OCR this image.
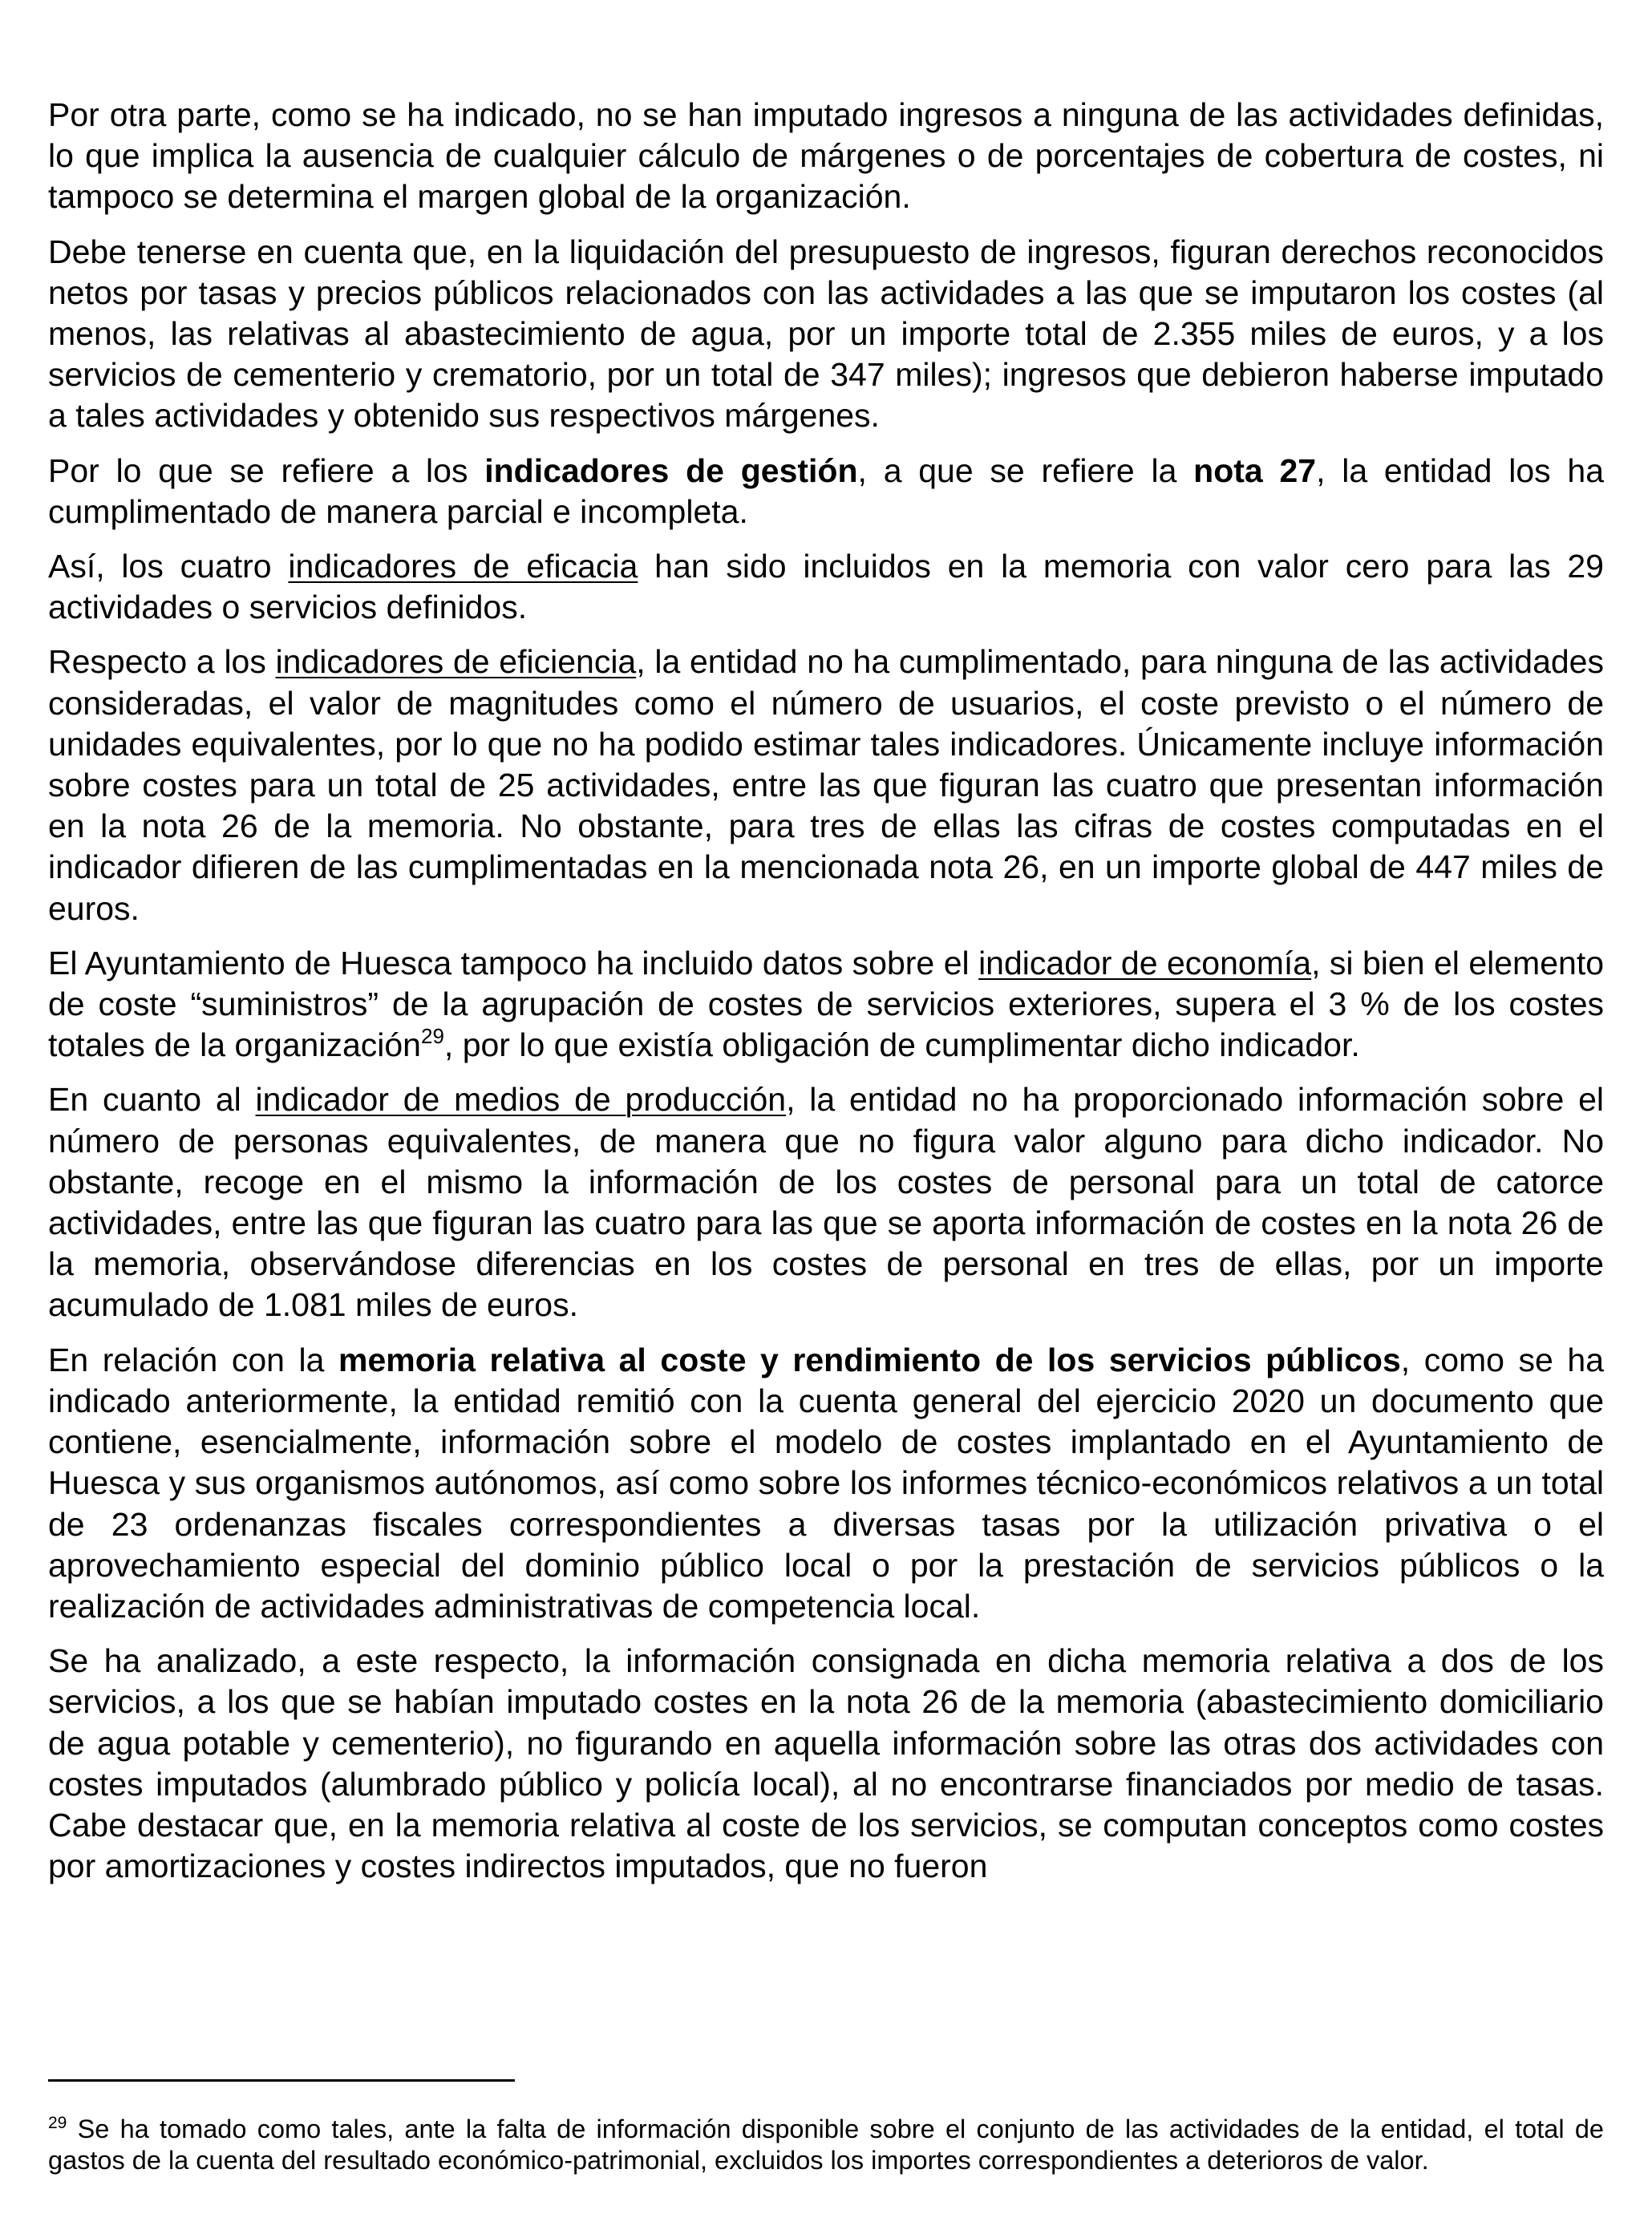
Por otra parte, como se ha indicado, no se han imputado ingresos a ninguna de las actividades definidas, lo que implica la ausencia de cualquier cálculo de márgenes o de porcentajes de cobertura de costes, ni tampoco se determina el margen global de la organización.

Debe tenerse en cuenta que, en la liquidación del presupuesto de ingresos, figuran derechos reconocidos netos por tasas y precios públicos relacionados con las actividades a las que se imputaron los costes (al menos, las relativas al abastecimiento de agua, por un importe total de 2.355 miles de euros, y a los servicios de cementerio y crematorio, por un total de 347 miles); ingresos que debieron haberse imputado a tales actividades y obtenido sus respectivos márgenes.

Por lo que se refiere a los indicadores de gestión, a que se refiere la nota 27, la entidad los ha cumplimentado de manera parcial e incompleta.

Así, los cuatro indicadores de eficacia han sido incluidos en la memoria con valor cero para las 29 actividades o servicios definidos.

Respecto a los indicadores de eficiencia, la entidad no ha cumplimentado, para ninguna de las actividades consideradas, el valor de magnitudes como el número de usuarios, el coste previsto o el número de unidades equivalentes, por lo que no ha podido estimar tales indicadores. Únicamente incluye información sobre costes para un total de 25 actividades, entre las que figuran las cuatro que presentan información en la nota 26 de la memoria. No obstante, para tres de ellas las cifras de costes computadas en el indicador difieren de las cumplimentadas en la mencionada nota 26, en un importe global de 447 miles de euros.

El Ayuntamiento de Huesca tampoco ha incluido datos sobre el indicador de economía, si bien el elemento de coste “suministros” de la agrupación de costes de servicios exteriores, supera el 3 % de los costes totales de la organización$^{29}$, por lo que existía obligación de cumplimentar dicho indicador.

En cuanto al indicador de medios de producción, la entidad no ha proporcionado información sobre el número de personas equivalentes, de manera que no figura valor alguno para dicho indicador. No obstante, recoge en el mismo la información de los costes de personal para un total de catorce actividades, entre las que figuran las cuatro para las que se aporta información de costes en la nota 26 de la memoria, observándose diferencias en los costes de personal en tres de ellas, por un importe acumulado de 1.081 miles de euros.

En relación con la memoria relativa al coste y rendimiento de los servicios públicos, como se ha indicado anteriormente, la entidad remitió con la cuenta general del ejercicio 2020 un documento que contiene, esencialmente, información sobre el modelo de costes implantado en el Ayuntamiento de Huesca y sus organismos autónomos, así como sobre los informes técnico-económicos relativos a un total de 23 ordenanzas fiscales correspondientes a diversas tasas por la utilización privativa o el aprovechamiento especial del dominio público local o por la prestación de servicios públicos o la realización de actividades administrativas de competencia local.

Se ha analizado, a este respecto, la información consignada en dicha memoria relativa a dos de los servicios, a los que se habían imputado costes en la nota 26 de la memoria (abastecimiento domiciliario de agua potable y cementerio), no figurando en aquella información sobre las otras dos actividades con costes imputados (alumbrado público y policía local), al no encontrarse financiados por medio de tasas. Cabe destacar que, en la memoria relativa al coste de los servicios, se computan conceptos como costes por amortizaciones y costes indirectos imputados, que no fueron

$^{29}$ Se ha tomado como tales, ante la falta de información disponible sobre el conjunto de las actividades de la entidad, el total de gastos de la cuenta del resultado económico-patrimonial, excluidos los importes correspondientes a deterioros de valor.
